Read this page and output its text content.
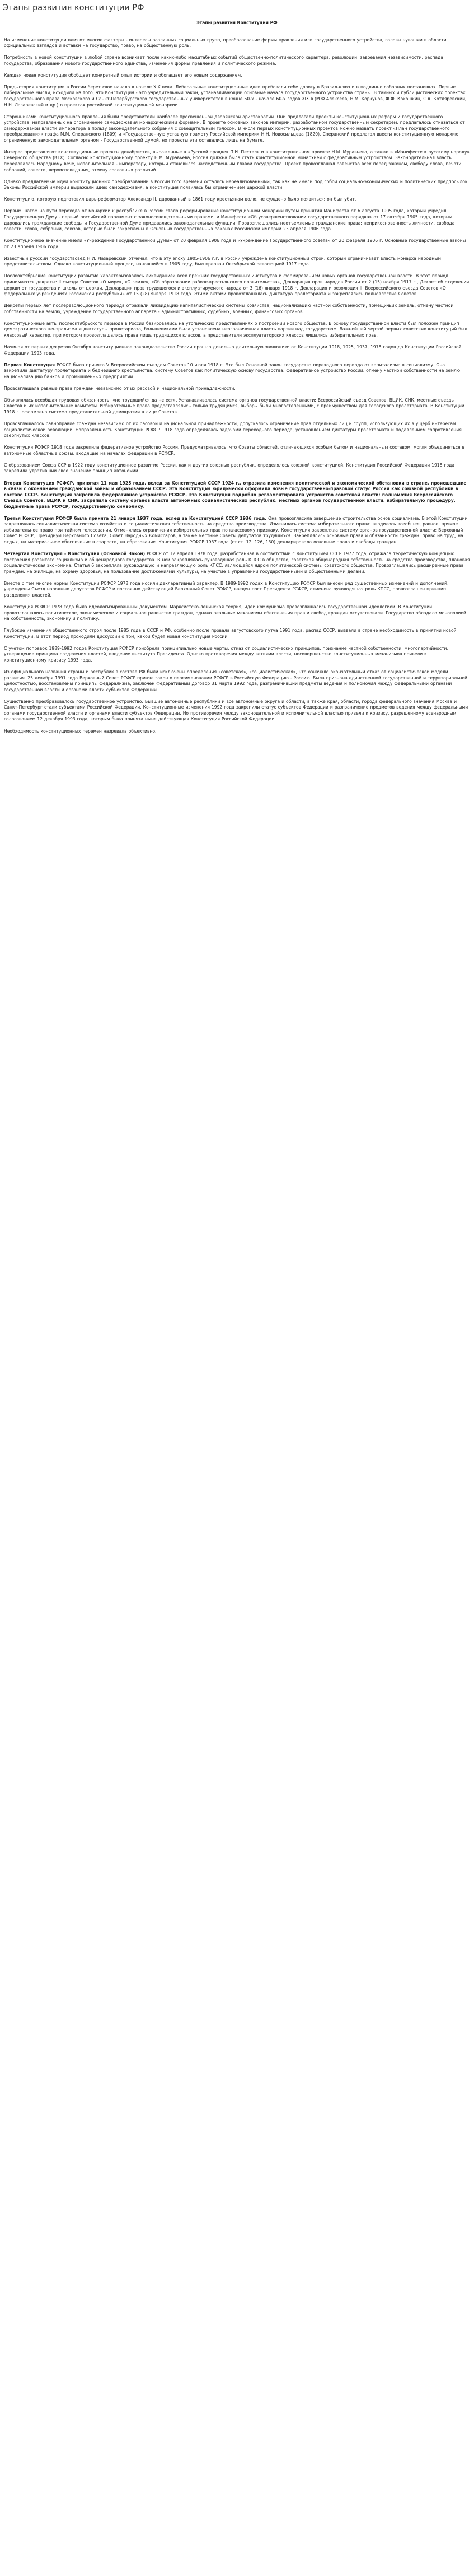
Этапы развития конституции РФ
Этапы развития Конституции РФ

На изменение конституции влияют многие факторы - интересы различных социальных групп, преобразование формы правления или государственного устройства, головы чувашии в области официальных взглядов и вставки на государство, право, на общественную роль.

Потребность в новой конституции в любой стране возникает после каких-либо масштабных событий общественно-политического характера: революции, завоевания независимости, распада государства, образования нового государственного единства, изменения формы правления и политического режима.

Каждая новая конституция обобщает конкретный опыт истории и обогащает его новым содержанием.

Предыстория конституции в России берет свое начало в начале XIX века. Либеральные конституционные идеи пробовали себе дорогу в Бразил-ключ и в подлинно соборных постановках. Первые либеральные мысли, исходили из того, что Конституция - это учредительный закон, устанавливающий основные начала государственного устройства страны. В тайных и публицистических проектах государственного права Московского и Санкт-Петербургского государственных университетов в конце 50-х - начале 60-х годов XIX в.(М.Ф.Алексеев, Н.М. Коркунов, Ф.Ф. Кокошкин, С.А. Котляревский, Н.Н. Лазаревский и др.) о проектах российской конституционной монархии.

Сторонниками конституционного правления были представители наиболее просвещенной дворянской аристократии. Они предлагали проекты конституционных реформ и государственного устройства, направленных на ограничение самодержавия монархическими формами. В проекте основных законов империи, разработанном государственным секретарем, предлагалось отказаться от самодержавной власти императора в пользу законодательного собрания с совещательным голосом. В числе первых конституционных проектов можно назвать проект «План государственного преобразования» графа М.М. Сперанского (1809) и «Государственную уставную грамоту Российской империи» Н.Н. Новосильцева (1820). Сперанский предлагал ввести конституционную монархию, ограниченную законодательным органом - Государственной думой, но проекты эти оставались лишь на бумаге.

Интерес представляют конституционные проекты декабристов, выраженные в «Русской правде» П.И. Пестеля и в конституционном проекте Н.М. Муравьева, а также в «Манифесте к русскому народу» Северного общества (К1Х). Согласно конституционному проекту Н.М. Муравьева, Россия должна была стать конституционной монархией с федеративным устройством. Законодательная власть передавалась Народному вече, исполнительная - императору, который становился наследственным главой государства. Проект провозглашал равенство всех перед законом, свободу слова, печати, собраний, совести, вероисповедания, отмену сословных различий.

Однако предлагаемые идеи конституционных преобразований в России того времени остались нереализованными, так как не имели под собой социально-экономических и политических предпосылок. Законы Российской империи выражали идею самодержавия, а конституция появилась бы ограничением царской власти.

Конституцию, которую подготовил царь-реформатор Александр II, дарованный в 1861 году крестьянам волю, не суждено было появиться: он был убит.

Первым шагом на пути перехода от монархии к республике в России стало реформирование конституционной монархии путем принятия Манифеста от 6 августа 1905 года, который учредил Государственную Думу - первый российский парламент с законосовещательными правами, и Манифеста «Об усовершенствовании государственного порядка» от 17 октября 1905 года, которым даровались гражданские свободы и Государственной Думе придавались законодательные функции. Провозглашались неотъемлемые гражданские права: неприкосновенность личности, свобода совести, слова, собраний, союзов, которые были закреплены в Основных государственных законах Российской империи 23 апреля 1906 года.

Конституционное значение имели «Учреждение Государственной Думы» от 20 февраля 1906 года и «Учреждение Государственного совета» от 20 февраля 1906 г. Основные государственные законы от 23 апреля 1906 года.

Известный русский государствовед Н.И. Лазаревский отмечал, что в эту эпоху 1905-1906 г.г. в России учреждена конституционный строй, который ограничивает власть монарха народным представительством. Однако конституционный процесс, начавшийся в 1905 году, был прерван Октябрьской революцией 1917 года.

Послеоктябрьские конституции развитие характеризовалось ликвидацией всех прежних государственных институтов и формированием новых органов государственной власти. В этот период принимаются декреты: II съезда Советов «О мире», «О земле», «Об образовании рабоче-крестьянского правительства», Декларация прав народов России от 2 (15) ноября 1917 г., Декрет об отделении церкви от государства и школы от церкви, Декларация прав трудящегося и эксплуатируемого народа от 3 (16) января 1918 г. Декларация и резолюция III Всероссийского съезда Советов «О федеральных учреждениях Российской республики» от 15 (28) января 1918 года. Этими актами провозглашалась диктатура пролетариата и закреплялись полновластие Советов.

Декреты первых лет послереволюционного периода отражали ликвидацию капиталистической системы хозяйства, национализацию частной собственности, помещичьих земель, отмену частной собственности на землю, учреждение государственного аппарата - административных, судебных, военных, финансовых органов.

Конституционные акты послеоктябрьского периода в России базировались на утопических представлениях о построении нового общества. В основу государственной власти был положен принцип демократического централизма и диктатуры пролетариата, большевиками была установлена неограниченная власть партии над государством. Важнейшей чертой первых советских конституций был классовый характер, при котором провозглашались права лишь трудящихся классов, а представители эксплуататорских классов лишались избирательных прав.

Начиная от первых декретов Октября конституционное законодательство России прошло довольно длительную эволюцию: от Конституции 1918, 1925, 1937, 1978 годов до Конституции Российской Федерации 1993 года.

Первая Конституция РСФСР была принята V Всероссийским съездом Советов 10 июля 1918 г. Это был Основной закон государства переходного периода от капитализма к социализму. Она закрепила диктатуру пролетариата и беднейшего крестьянства, систему Советов как политическую основу государства, федеративное устройство России, отмену частной собственности на землю, национализацию банков и промышленных предприятий.

Провозглашала равные права граждан независимо от их расовой и национальной принадлежности.

Объявлялась всеобщая трудовая обязанность: «не трудящийся да не ест». Устанавливалась система органов государственной власти: Всероссийский съезд Советов, ВЦИК, СНК, местные съезды Советов и их исполнительные комитеты. Избирательные права предоставлялись только трудящимся, выборы были многостепенными, с преимуществом для городского пролетариата. В Конституции 1918 г. оформлена система представительной демократии в лице Советов.

Провозглашалось равноправие граждан независимо от их расовой и национальной принадлежности, допускалось ограничение прав отдельных лиц и групп, использующих их в ущерб интересам социалистической революции. Направленность Конституции РСФСР 1918 года определялась задачами переходного периода, установлением диктатуры пролетариата и подавлением сопротивления свергнутых классов.

Конституция РСФСР 1918 года закрепила федеративное устройство России. Предусматривалось, что Советы областей, отличающихся особым бытом и национальным составом, могли объединяться в автономные областные союзы, входящие на началах федерации в РСФСР.

С образованием Союза ССР в 1922 году конституционное развитие России, как и других союзных республик, определялось союзной конституцией. Конституция Российской Федерации 1918 года закрепила утративший свое значение принцип автономии.

Вторая Конституция РСФСР, принятая 11 мая 1925 года, вслед за Конституцией СССР 1924 г., отразила изменения политической и экономической обстановки в стране, происшедшие в связи с окончанием гражданской войны и образованием СССР. Эта Конституция юридически оформила новые государственно-правовой статус России как союзной республики в составе СССР. Конституция закрепила федеративное устройство РСФСР. Эта Конституция подробно регламентировала устройство советской власти: полномочия Всероссийского Съезда Советов, ВЦИК и СНК, закрепила систему органов власти автономных социалистических республик, местных органов государственной власти, избирательную процедуру, бюджетные права РСФСР, государственную символику.

Третья Конституция РСФСР была принята 21 января 1937 года, вслед за Конституцией СССР 1936 года. Она провозгласила завершение строительства основ социализма. В этой Конституции закреплялась социалистическая система хозяйства и социалистическая собственность на средства производства. Изменилась система избирательного права: вводилось всеобщее, равное, прямое избирательное право при тайном голосовании. Отменялись ограничения избирательных прав по классовому признаку. Конституция закрепляла систему органов государственной власти: Верховный Совет РСФСР, Президиум Верховного Совета, Совет Народных Комиссаров, а также местные Советы депутатов трудящихся. Закреплялись основные права и обязанности граждан: право на труд, на отдых, на материальное обеспечение в старости, на образование. Конституция РСФСР 1937 года (ст.ст. 12, 126, 130) декларировала основные права и свободы граждан.

Четвертая Конституция - Конституция (Основной Закон) РСФСР от 12 апреля 1978 года, разработанная в соответствии с Конституцией СССР 1977 года, отражала теоретическую концепцию построения развитого социализма и общенародного государства. В ней закреплялась руководящая роль КПСС в обществе, советская общенародная собственность на средства производства, плановая социалистическая экономика. Статья 6 закрепляла руководящую и направляющую роль КПСС, являющейся ядром политической системы советского общества. Провозглашались расширенные права граждан: на жилище, на охрану здоровья, на пользование достижениями культуры, на участие в управлении государственными и общественными делами.

Вместе с тем многие нормы Конституции РСФСР 1978 года носили декларативный характер. В 1989-1992 годах в Конституцию РСФСР был внесен ряд существенных изменений и дополнений: учреждены Съезд народных депутатов РСФСР и постоянно действующий Верховный Совет РСФСР, введен пост Президента РСФСР, отменена руководящая роль КПСС, провозглашен принцип разделения властей.

Конституция РСФСР 1978 года была идеологизированным документом. Марксистско-ленинская теория, идеи коммунизма провозглашались государственной идеологией. В Конституции провозглашались политическое, экономическое и социальное равенство граждан, однако реальные механизмы обеспечения прав и свобод граждан отсутствовали. Государство обладало монополией на собственность, экономику и политику.

Глубокие изменения общественного строя после 1985 года в СССР и РФ, особенно после провала августовского путча 1991 года, распад СССР, вызвали в стране необходимость в принятии новой Конституции. В этот период проходили дискуссии о том, какой будет новая конституция России.

С учетом поправок 1989-1992 годов Конституция РСФСР приобрела принципиально новые черты: отказ от социалистических принципов, признание частной собственности, многопартийности, утверждение принципа разделения властей, введение института Президента. Однако противоречия между ветвями власти, несовершенство конституционных механизмов привели к конституционному кризису 1993 года.

Из официального названия страны и республик в составе РФ были исключены определения «советская», «социалистическая», что означало окончательный отказ от социалистической модели развития. 25 декабря 1991 года Верховный Совет РСФСР принял закон о переименовании РСФСР в Российскую Федерацию - Россию. Была признана единственной государственной и территориальной целостностью, восстановлены принципы федерализма, заключен Федеративный договор 31 марта 1992 года, разграничивший предметы ведения и полномочия между федеральными органами государственной власти и органами власти субъектов Федерации.

Существенно преобразовалось государственное устройство. Бывшие автономные республики и все автономные округа и области, а также края, области, города федерального значения Москва и Санкт-Петербург стали субъектами Российской Федерации. Конституционные изменения 1992 года закрепили статус субъектов Федерации и разграничение предметов ведения между федеральными органами государственной власти и органами власти субъектов Федерации. Но противоречия между законодательной и исполнительной властью привели к кризису, разрешенному всенародным голосованием 12 декабря 1993 года, которым была принята ныне действующая Конституция Российской Федерации.

Необходимость конституционных перемен назревала объективно.
